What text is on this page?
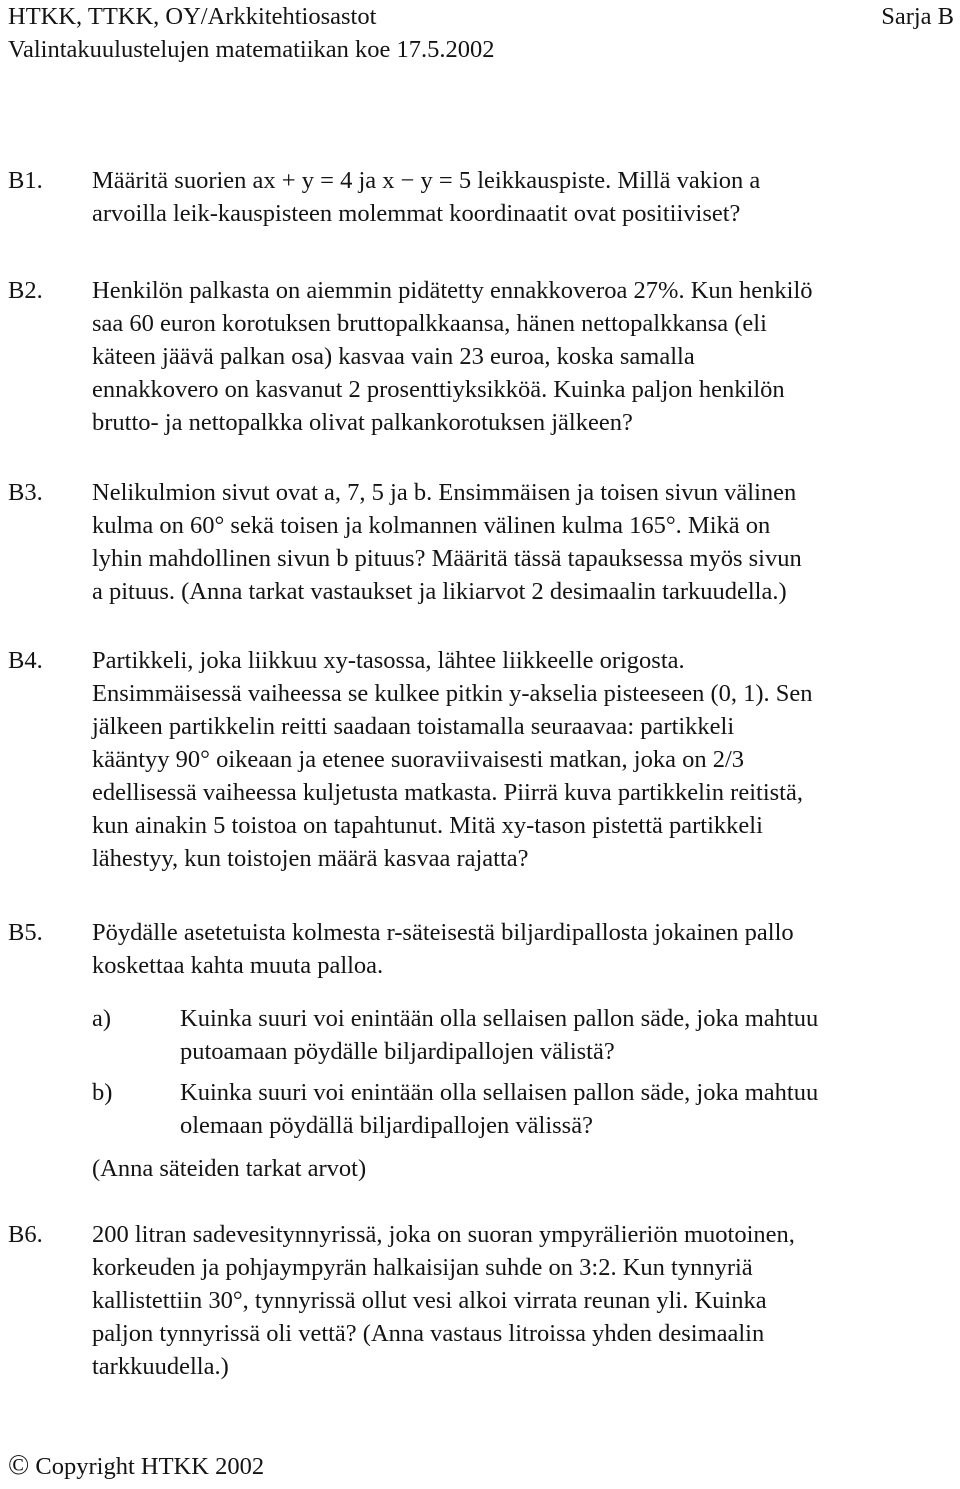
HTKK, TTKK, OY/Arkkitehtiosastot	Sarja B
Valintakuulustelujen matematiikan koe 17.5.2002
B1. Määritä suorien ax + y = 4 ja x − y = 5 leikkauspiste. Millä vakion a
arvoilla leik-kauspisteen molemmat koordinaatit ovat positiiviset?
B2. Henkilön palkasta on aiemmin pidätetty ennakkoveroa 27%. Kun henkilö
saa 60 euron korotuksen bruttopalkkaansa, hänen nettopalkkansa (eli
käteen jäävä palkan osa) kasvaa vain 23 euroa, koska samalla
ennakkovero on kasvanut 2 prosenttiyksikköä. Kuinka paljon henkilön
brutto- ja nettopalkka olivat palkankorotuksen jälkeen?
B3. Nelikulmion sivut ovat a, 7, 5 ja b. Ensimmäisen ja toisen sivun välinen
kulma on 60° sekä toisen ja kolmannen välinen kulma 165°. Mikä on
lyhin mahdollinen sivun b pituus? Määritä tässä tapauksessa myös sivun
a pituus. (Anna tarkat vastaukset ja likiarvot 2 desimaalin tarkuudella.)
B4. Partikkeli, joka liikkuu xy-tasossa, lähtee liikkeelle origosta.
Ensimmäisessä vaiheessa se kulkee pitkin y-akselia pisteeseen (0, 1). Sen
jälkeen partikkelin reitti saadaan toistamalla seuraavaa: partikkeli
kääntyy 90° oikeaan ja etenee suoraviivaisesti matkan, joka on 2/3
edellisessä vaiheessa kuljetusta matkasta. Piirrä kuva partikkelin reitistä,
kun ainakin 5 toistoa on tapahtunut. Mitä xy-tason pistettä partikkeli
lähestyy, kun toistojen määrä kasvaa rajatta?
B5. Pöydälle asetetuista kolmesta r-säteisestä biljardipallosta jokainen pallo
koskettaa kahta muuta palloa.
a)	Kuinka suuri voi enintään olla sellaisen pallon säde, joka mahtuu
putoamaan pöydälle biljardipallojen välistä?
b)	Kuinka suuri voi enintään olla sellaisen pallon säde, joka mahtuu
olemaan pöydällä biljardipallojen välissä?
(Anna säteiden tarkat arvot)
B6. 200 litran sadevesitynnyrissä, joka on suoran ympyrälieriön muotoinen,
korkeuden ja pohjaympyrän halkaisijan suhde on 3:2. Kun tynnyriä
kallistettiin 30°, tynnyrissä ollut vesi alkoi virrata reunan yli. Kuinka
paljon tynnyrissä oli vettä? (Anna vastaus litroissa yhden desimaalin
tarkkuudella.)
© Copyright HTKK 2002
